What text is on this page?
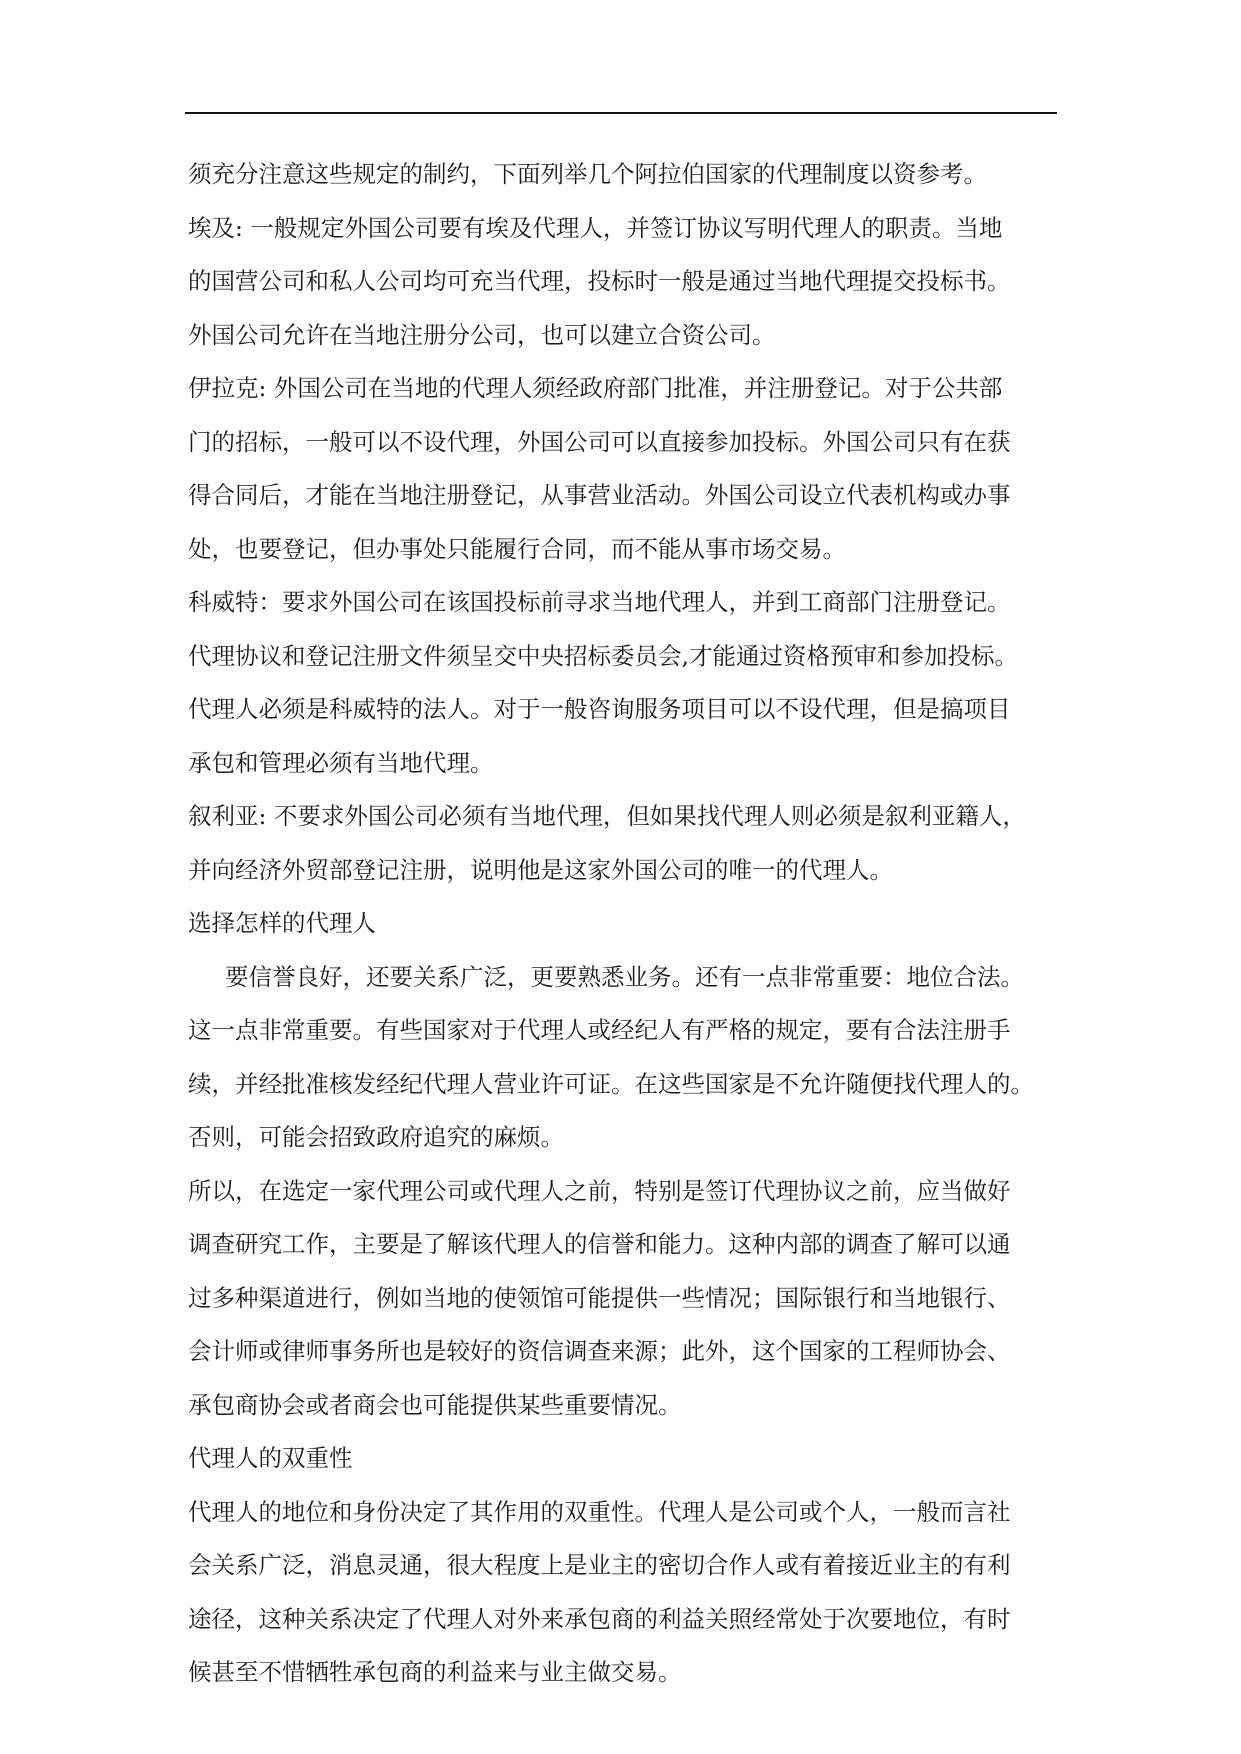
须充分注意这些规定的制约，下面列举几个阿拉伯国家的代理制度以资参考。
埃及: 一般规定外国公司要有埃及代理人，并签订协议写明代理人的职责。当地
的国营公司和私人公司均可充当代理，投标时一般是通过当地代理提交投标书。
外国公司允许在当地注册分公司，也可以建立合资公司。
伊拉克: 外国公司在当地的代理人须经政府部门批准，并注册登记。对于公共部
门的招标，一般可以不设代理，外国公司可以直接参加投标。外国公司只有在获
得合同后，才能在当地注册登记，从事营业活动。外国公司设立代表机构或办事
处，也要登记，但办事处只能履行合同，而不能从事市场交易。
科威特：要求外国公司在该国投标前寻求当地代理人，并到工商部门注册登记。
代理协议和登记注册文件须呈交中央招标委员会,才能通过资格预审和参加投标。
代理人必须是科威特的法人。对于一般咨询服务项目可以不设代理，但是搞项目
承包和管理必须有当地代理。
叙利亚: 不要求外国公司必须有当地代理，但如果找代理人则必须是叙利亚籍人，
并向经济外贸部登记注册，说明他是这家外国公司的唯一的代理人。
选择怎样的代理人
要信誉良好，还要关系广泛，更要熟悉业务。还有一点非常重要：地位合法。
这一点非常重要。有些国家对于代理人或经纪人有严格的规定，要有合法注册手
续，并经批准核发经纪代理人营业许可证。在这些国家是不允许随便找代理人的。
否则，可能会招致政府追究的麻烦。
所以，在选定一家代理公司或代理人之前，特别是签订代理协议之前，应当做好
调查研究工作，主要是了解该代理人的信誉和能力。这种内部的调查了解可以通
过多种渠道进行，例如当地的使领馆可能提供一些情况；国际银行和当地银行、
会计师或律师事务所也是较好的资信调查来源；此外，这个国家的工程师协会、
承包商协会或者商会也可能提供某些重要情况。
代理人的双重性
代理人的地位和身份决定了其作用的双重性。代理人是公司或个人，一般而言社
会关系广泛，消息灵通，很大程度上是业主的密切合作人或有着接近业主的有利
途径，这种关系决定了代理人对外来承包商的利益关照经常处于次要地位，有时
候甚至不惜牺牲承包商的利益来与业主做交易。
